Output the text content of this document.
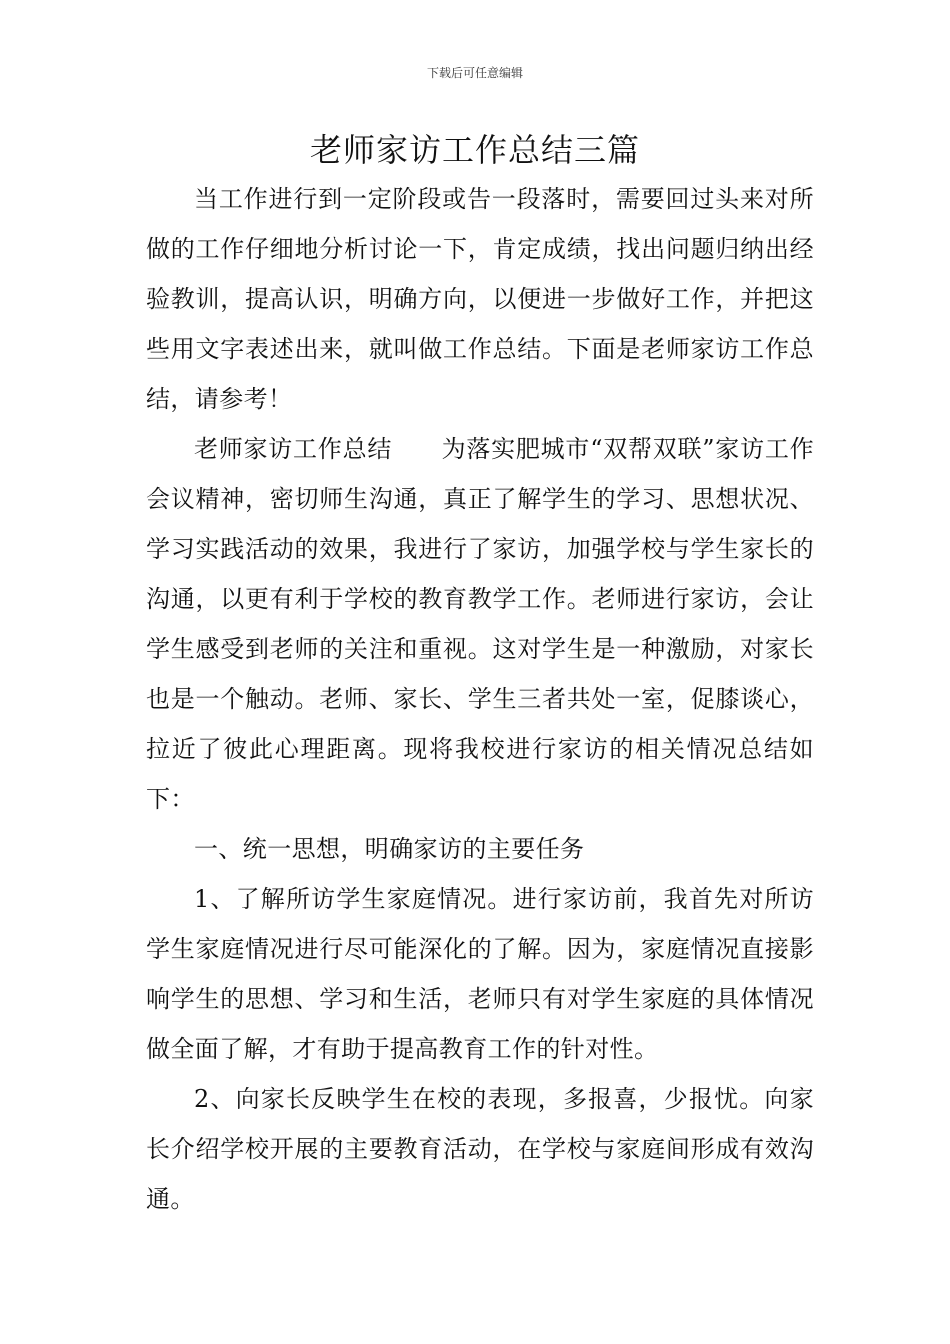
下载后可任意编辑
老师家访工作总结三篇

当工作进行到一定阶段或告一段落时，需要回过头来对所做的工作仔细地分析讨论一下，肯定成绩，找出问题归纳出经验教训，提高认识，明确方向，以便进一步做好工作，并把这些用文字表述出来，就叫做工作总结。下面是老师家访工作总结，请参考！

老师家访工作总结　　为落实肥城市“双帮双联”家访工作会议精神，密切师生沟通，真正了解学生的学习、思想状况、学习实践活动的效果，我进行了家访，加强学校与学生家长的沟通，以更有利于学校的教育教学工作。老师进行家访，会让学生感受到老师的关注和重视。这对学生是一种激励，对家长也是一个触动。老师、家长、学生三者共处一室，促膝谈心，拉近了彼此心理距离。现将我校进行家访的相关情况总结如下：

一、统一思想，明确家访的主要任务

1、了解所访学生家庭情况。进行家访前，我首先对所访学生家庭情况进行尽可能深化的了解。因为，家庭情况直接影响学生的思想、学习和生活，老师只有对学生家庭的具体情况做全面了解，才有助于提高教育工作的针对性。

2、向家长反映学生在校的表现，多报喜，少报忧。向家长介绍学校开展的主要教育活动，在学校与家庭间形成有效沟通。
